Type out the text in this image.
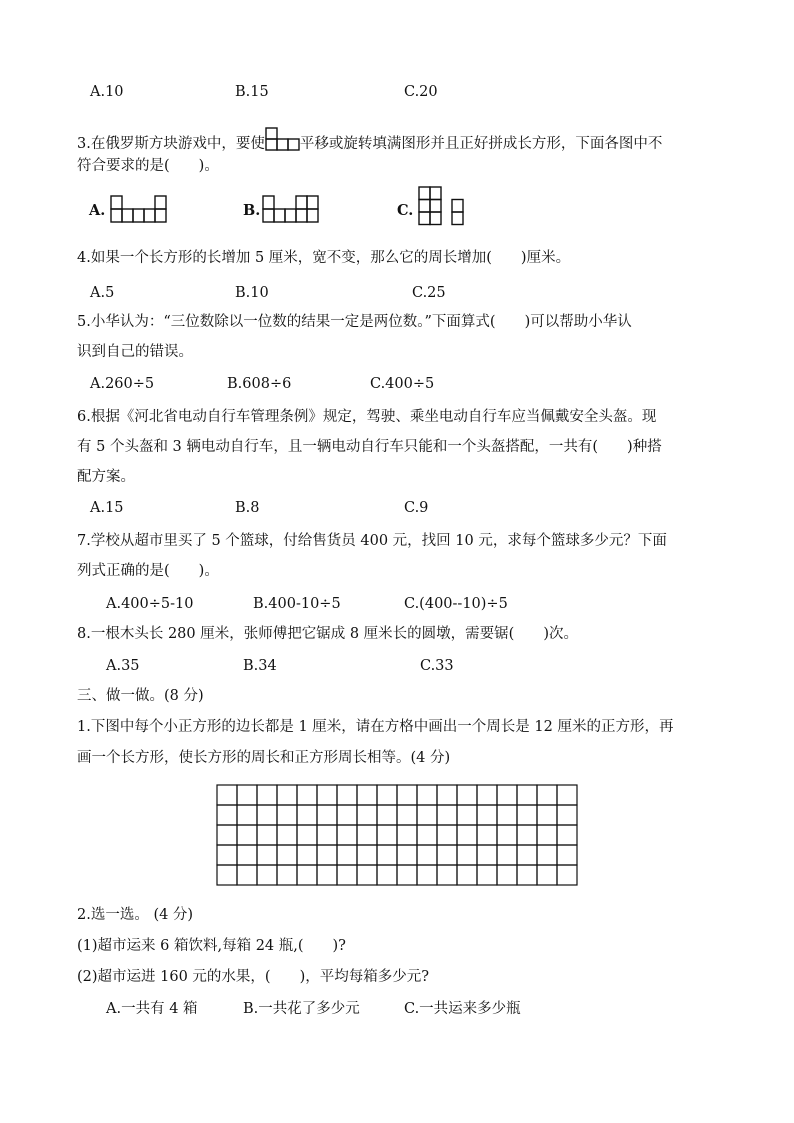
A.10	B.15	C.20
3.在俄罗斯方块游戏中，要使 平移或旋转填满图形并且正好拼成长方形，下面各图中不
符合要求的是(　　)。
A.	B.	C.
4.如果一个长方形的长增加 5 厘米，宽不变，那么它的周长增加(　　)厘米。
A.5	B.10	C.25
5.小华认为：“三位数除以一位数的结果一定是两位数。”下面算式(　　)可以帮助小华认
识到自己的错误。
A.260÷5	B.608÷6	C.400÷5
6.根据《河北省电动自行车管理条例》规定，驾驶、乘坐电动自行车应当佩戴安全头盔。现
有 5 个头盔和 3 辆电动自行车，且一辆电动自行车只能和一个头盔搭配，一共有(　　)种搭
配方案。
A.15	B.8	C.9
7.学校从超市里买了 5 个篮球，付给售货员 400 元，找回 10 元，求每个篮球多少元？下面
列式正确的是(　　)。
A.400÷5-10	B.400-10÷5	C.(400--10)÷5
8.一根木头长 280 厘米，张师傅把它锯成 8 厘米长的圆墩，需要锯(　　)次。
A.35	B.34	C.33
三、做一做。(8 分)
1.下图中每个小正方形的边长都是 1 厘米，请在方格中画出一个周长是 12 厘米的正方形，再
画一个长方形，使长方形的周长和正方形周长相等。(4 分)
2.选一选。 (4 分)
(1)超市运来 6 箱饮料,每箱 24 瓶,(　　)?
(2)超市运进 160 元的水果，(　　)，平均每箱多少元?
A.一共有 4 箱	B.一共花了多少元	C.一共运来多少瓶
